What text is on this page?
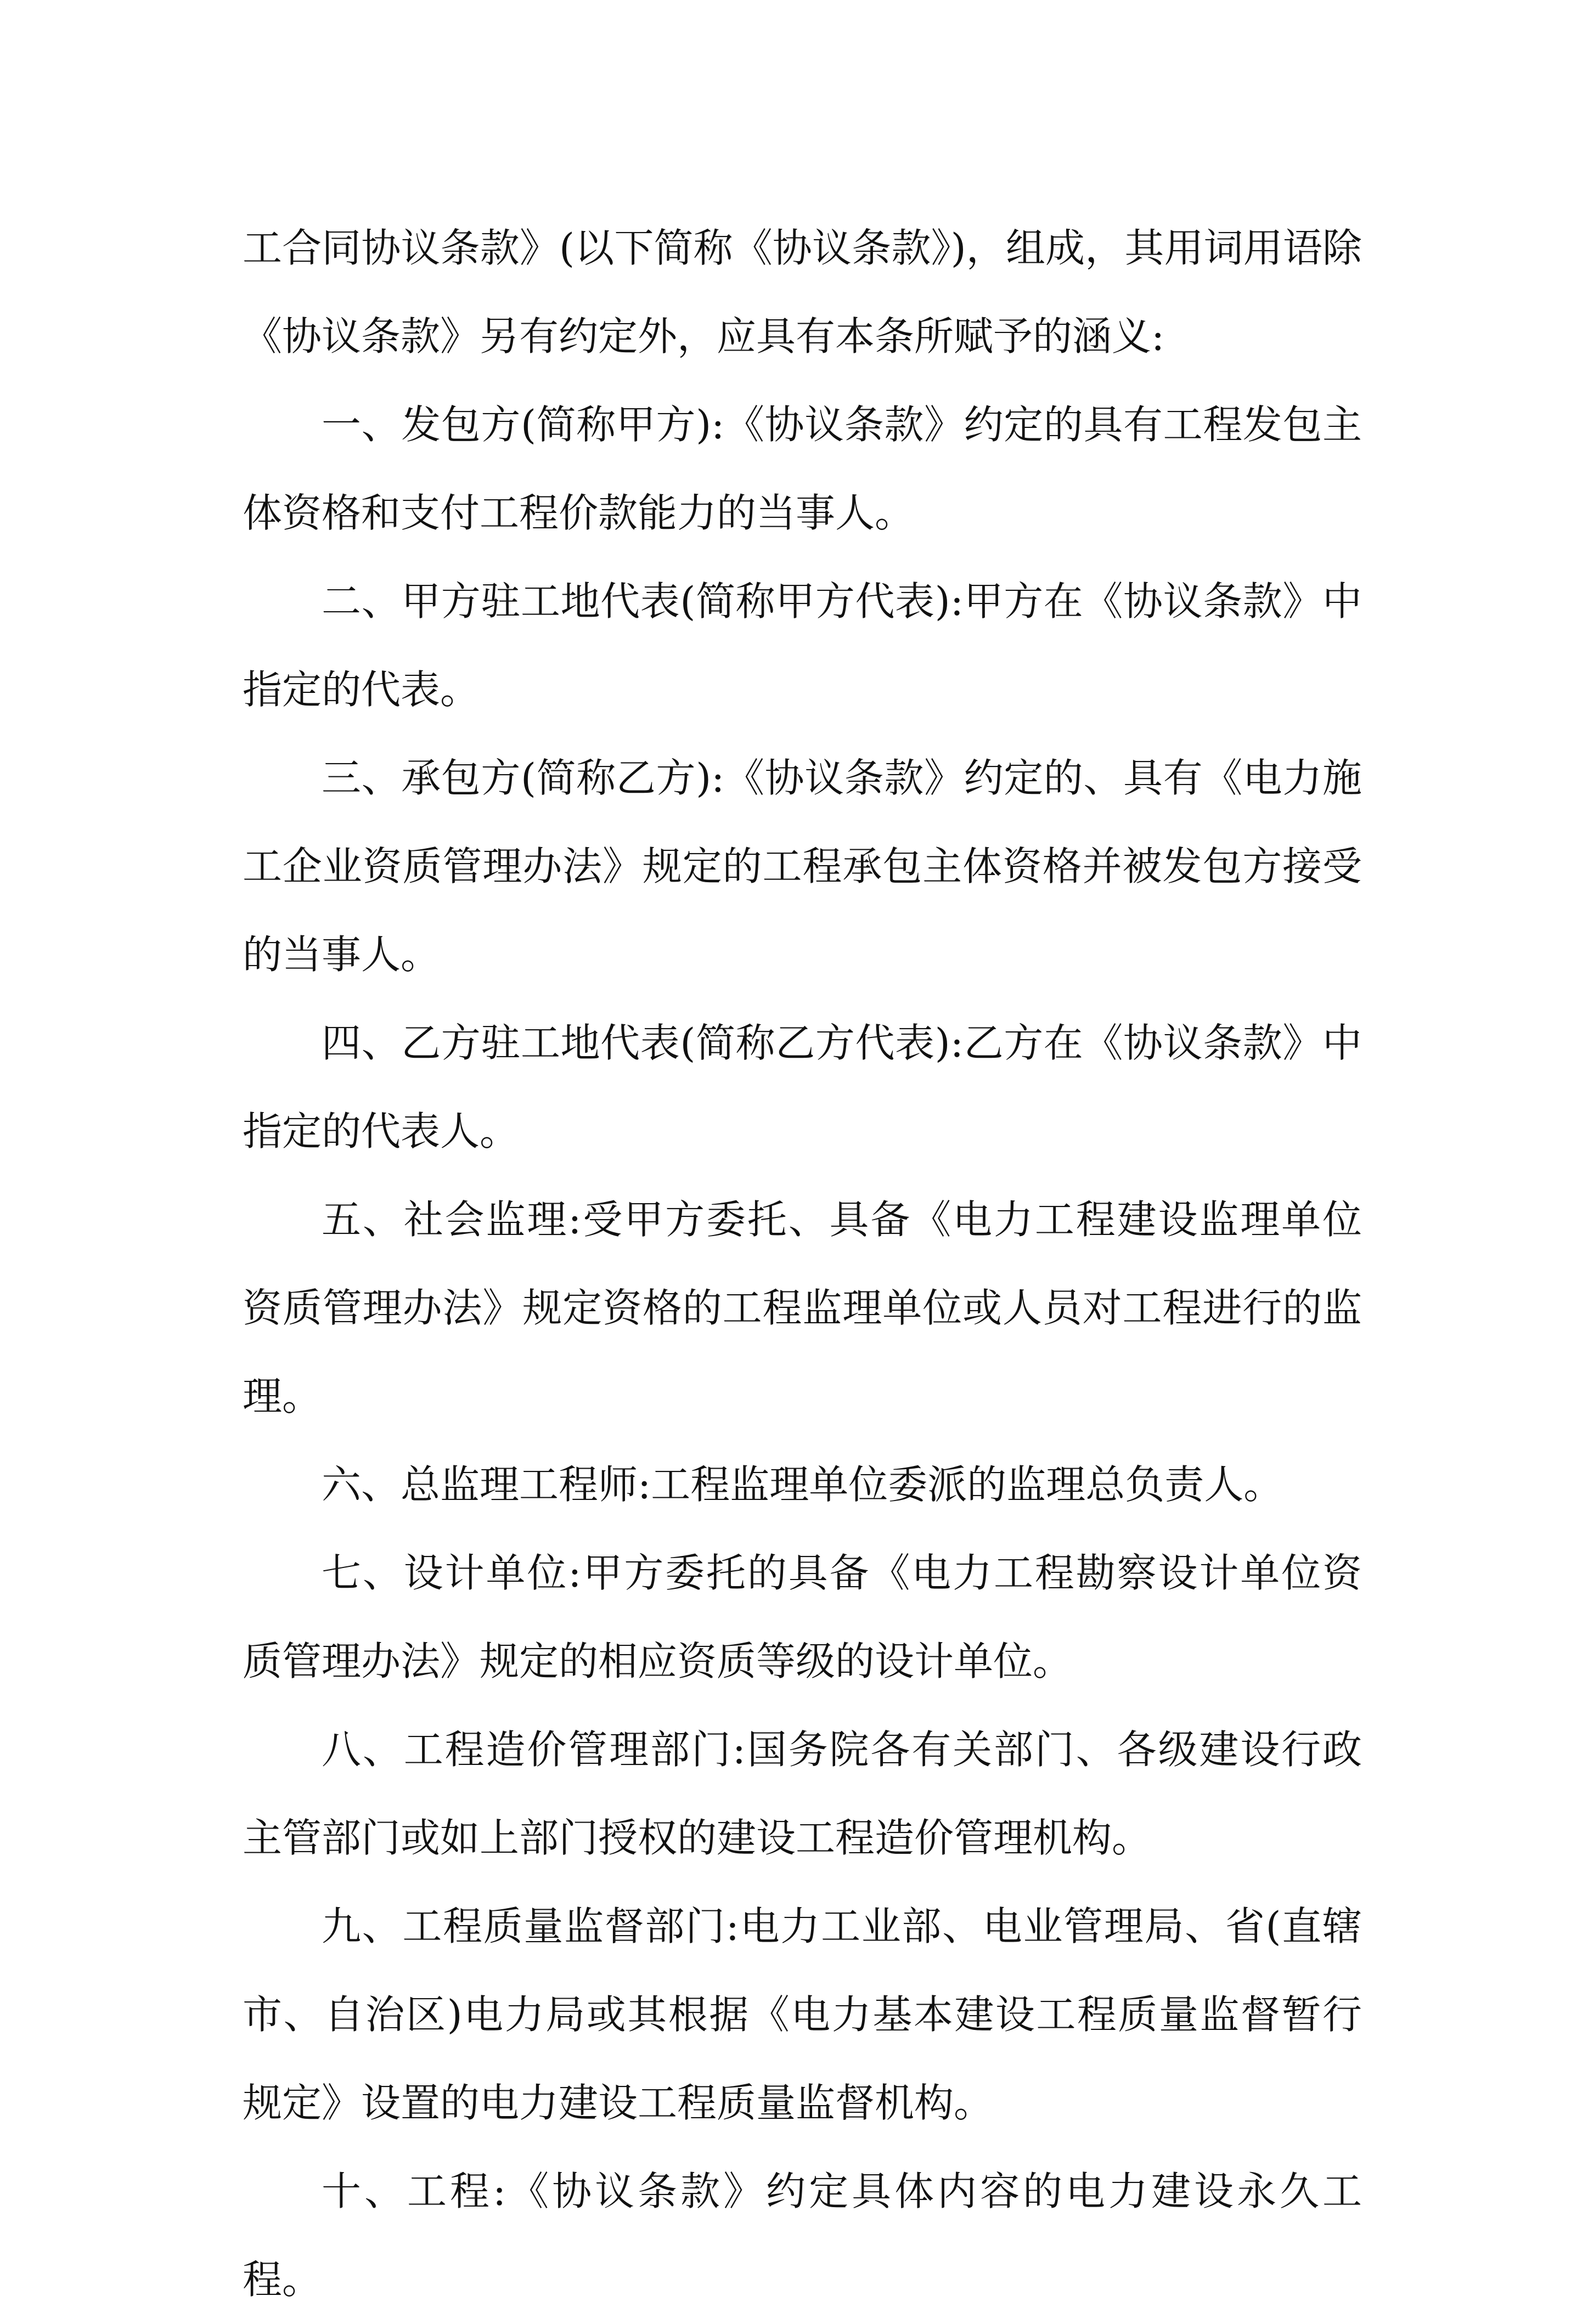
工合同协议条款》(以下简称《协议条款》)，组成，其用词用语除《协议条款》另有约定外，应具有本条所赋予的涵义:

一、发包方(简称甲方):《协议条款》约定的具有工程发包主体资格和支付工程价款能力的当事人。

二、甲方驻工地代表(简称甲方代表):甲方在《协议条款》中指定的代表。

三、承包方(简称乙方):《协议条款》约定的、具有《电力施工企业资质管理办法》规定的工程承包主体资格并被发包方接受的当事人。

四、乙方驻工地代表(简称乙方代表):乙方在《协议条款》中指定的代表人。

五、社会监理:受甲方委托、具备《电力工程建设监理单位资质管理办法》规定资格的工程监理单位或人员对工程进行的监理。

六、总监理工程师:工程监理单位委派的监理总负责人。

七、设计单位:甲方委托的具备《电力工程勘察设计单位资质管理办法》规定的相应资质等级的设计单位。

八、工程造价管理部门:国务院各有关部门、各级建设行政主管部门或如上部门授权的建设工程造价管理机构。

九、工程质量监督部门:电力工业部、电业管理局、省(直辖市、自治区)电力局或其根据《电力基本建设工程质量监督暂行规定》设置的电力建设工程质量监督机构。

十、工程:《协议条款》约定具体内容的电力建设永久工程。
